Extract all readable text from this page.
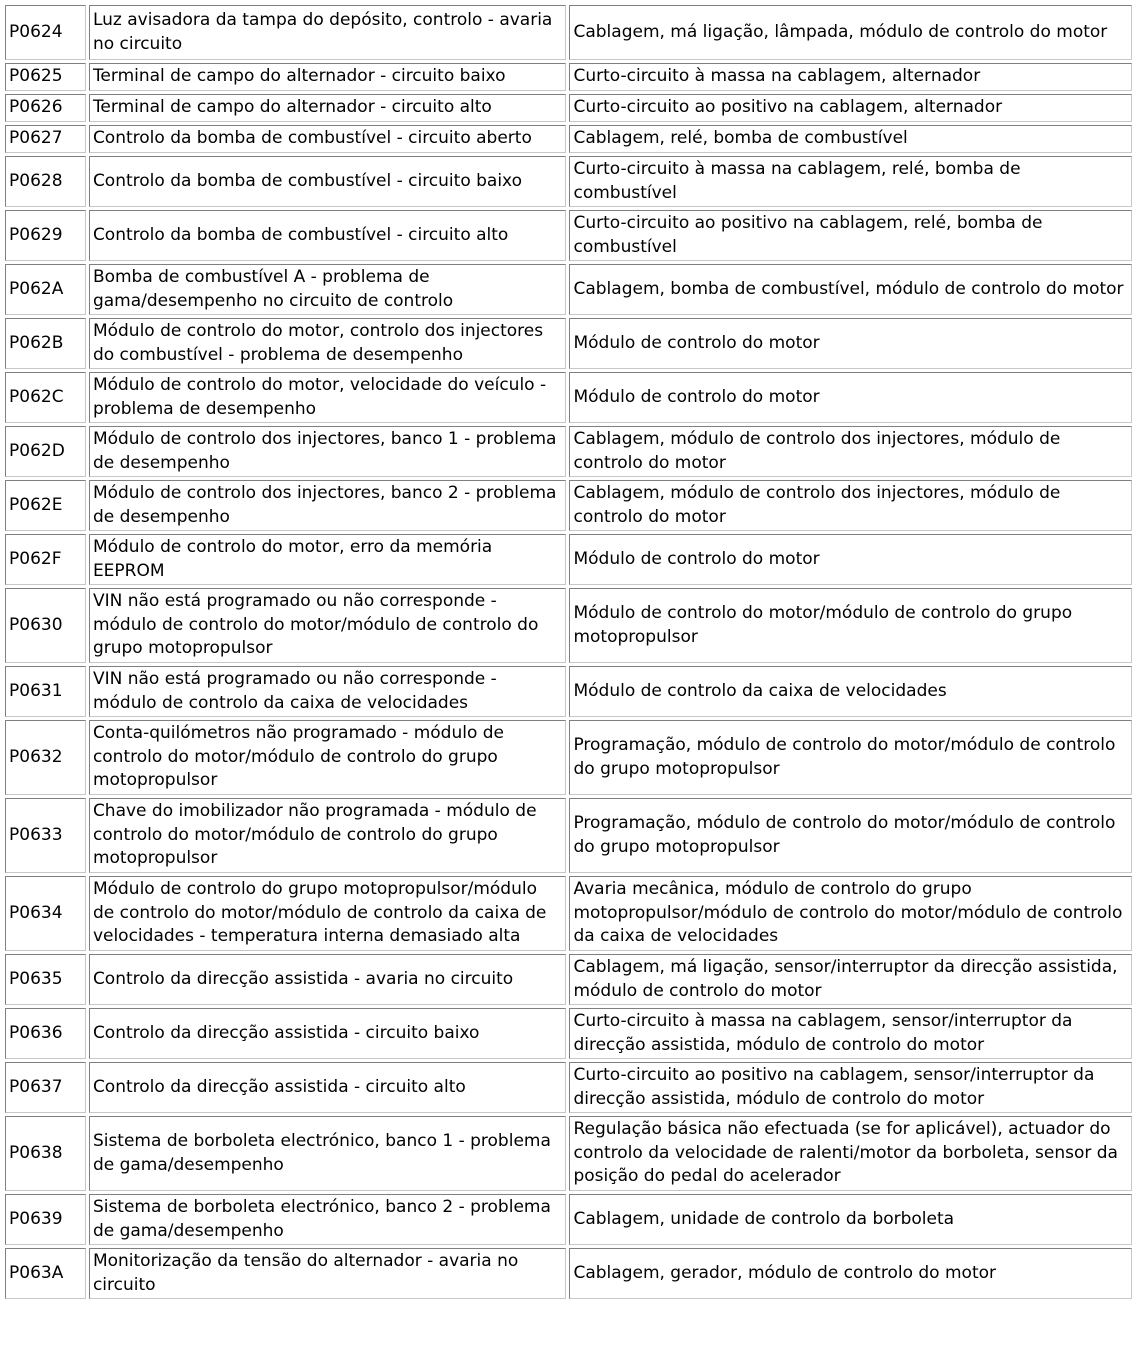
P0624	Luz avisadora da tampa do depósito, controlo - avaria no circuito	Cablagem, má ligação, lâmpada, módulo de controlo do motor
P0625	Terminal de campo do alternador - circuito baixo	Curto-circuito à massa na cablagem, alternador
P0626	Terminal de campo do alternador - circuito alto	Curto-circuito ao positivo na cablagem, alternador
P0627	Controlo da bomba de combustível - circuito aberto	Cablagem, relé, bomba de combustível
P0628	Controlo da bomba de combustível - circuito baixo	Curto-circuito à massa na cablagem, relé, bomba de combustível
P0629	Controlo da bomba de combustível - circuito alto	Curto-circuito ao positivo na cablagem, relé, bomba de combustível
P062A	Bomba de combustível A - problema de gama/desempenho no circuito de controlo	Cablagem, bomba de combustível, módulo de controlo do motor
P062B	Módulo de controlo do motor, controlo dos injectores do combustível - problema de desempenho	Módulo de controlo do motor
P062C	Módulo de controlo do motor, velocidade do veículo - problema de desempenho	Módulo de controlo do motor
P062D	Módulo de controlo dos injectores, banco 1 - problema de desempenho	Cablagem, módulo de controlo dos injectores, módulo de controlo do motor
P062E	Módulo de controlo dos injectores, banco 2 - problema de desempenho	Cablagem, módulo de controlo dos injectores, módulo de controlo do motor
P062F	Módulo de controlo do motor, erro da memória EEPROM	Módulo de controlo do motor
P0630	VIN não está programado ou não corresponde - módulo de controlo do motor/módulo de controlo do grupo motopropulsor	Módulo de controlo do motor/módulo de controlo do grupo motopropulsor
P0631	VIN não está programado ou não corresponde - módulo de controlo da caixa de velocidades	Módulo de controlo da caixa de velocidades
P0632	Conta-quilómetros não programado - módulo de controlo do motor/módulo de controlo do grupo motopropulsor	Programação, módulo de controlo do motor/módulo de controlo do grupo motopropulsor
P0633	Chave do imobilizador não programada - módulo de controlo do motor/módulo de controlo do grupo motopropulsor	Programação, módulo de controlo do motor/módulo de controlo do grupo motopropulsor
P0634	Módulo de controlo do grupo motopropulsor/módulo de controlo do motor/módulo de controlo da caixa de velocidades - temperatura interna demasiado alta	Avaria mecânica, módulo de controlo do grupo motopropulsor/módulo de controlo do motor/módulo de controlo da caixa de velocidades
P0635	Controlo da direcção assistida - avaria no circuito	Cablagem, má ligação, sensor/interruptor da direcção assistida, módulo de controlo do motor
P0636	Controlo da direcção assistida - circuito baixo	Curto-circuito à massa na cablagem, sensor/interruptor da direcção assistida, módulo de controlo do motor
P0637	Controlo da direcção assistida - circuito alto	Curto-circuito ao positivo na cablagem, sensor/interruptor da direcção assistida, módulo de controlo do motor
P0638	Sistema de borboleta electrónico, banco 1 - problema de gama/desempenho	Regulação básica não efectuada (se for aplicável), actuador do controlo da velocidade de ralenti/motor da borboleta, sensor da posição do pedal do acelerador
P0639	Sistema de borboleta electrónico, banco 2 - problema de gama/desempenho	Cablagem, unidade de controlo da borboleta
P063A	Monitorização da tensão do alternador - avaria no circuito	Cablagem, gerador, módulo de controlo do motor
